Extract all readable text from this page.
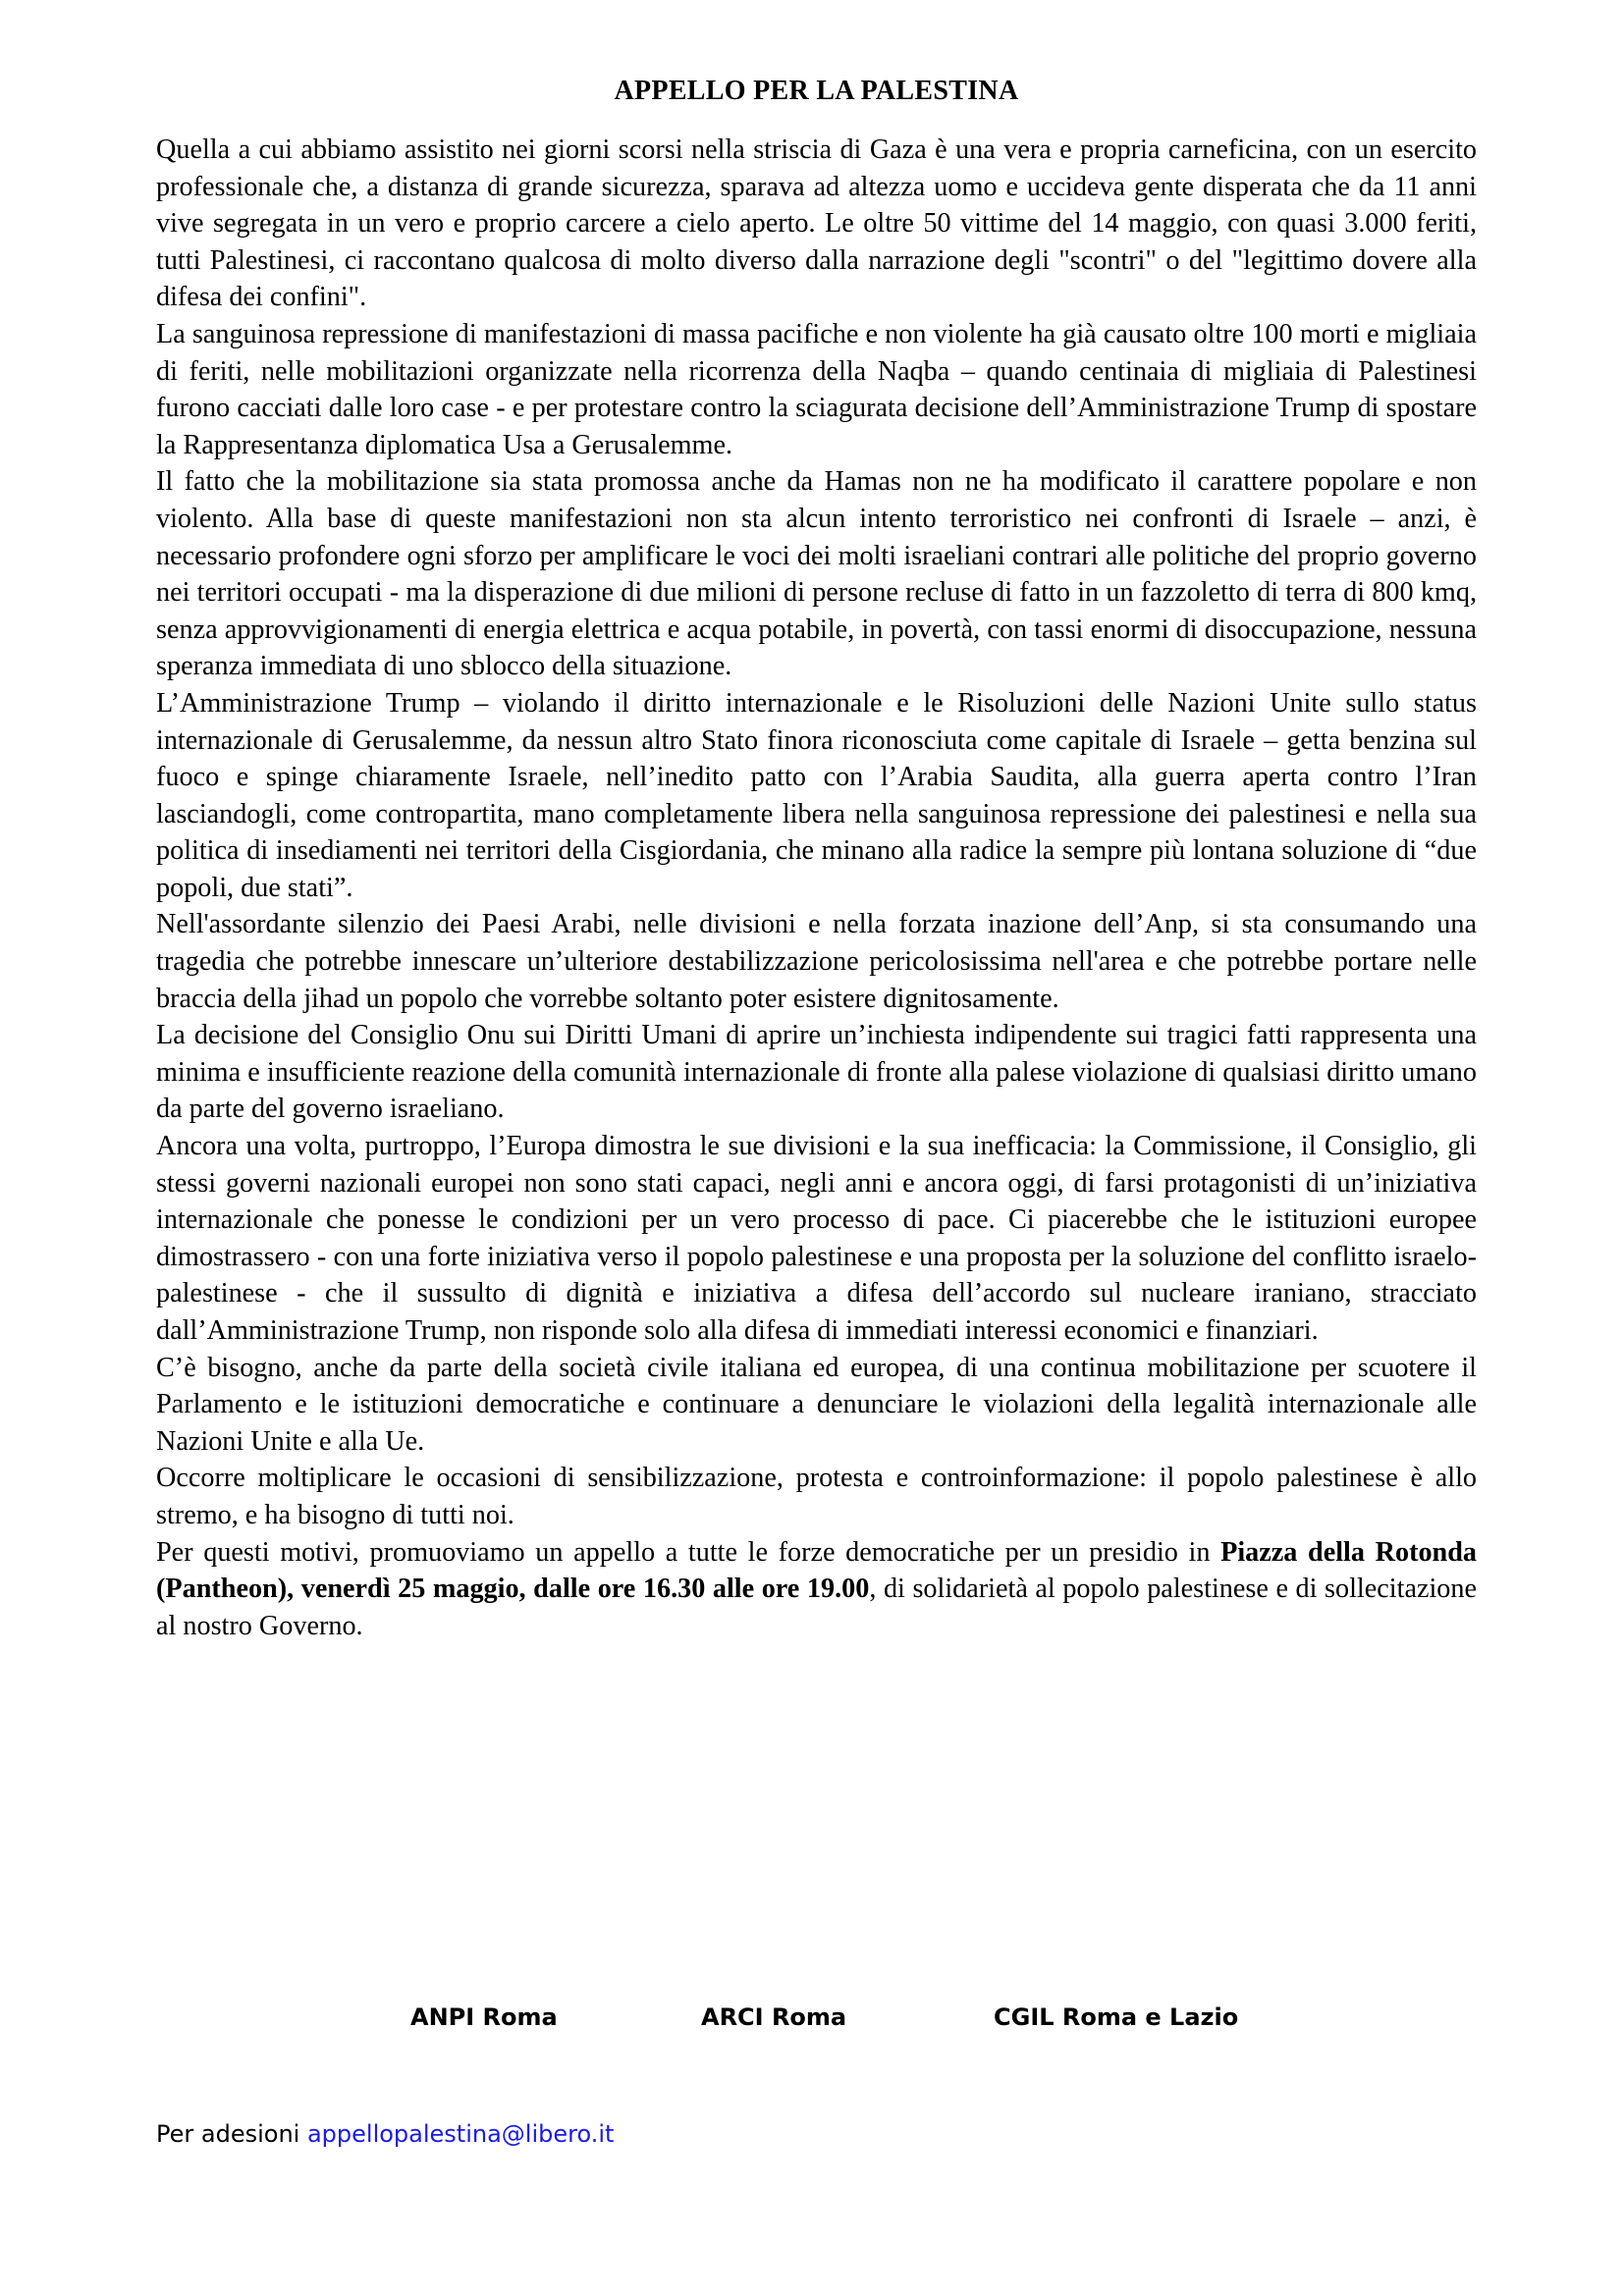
APPELLO PER LA PALESTINA

Quella a cui abbiamo assistito nei giorni scorsi nella striscia di Gaza è una vera e propria carneficina, con un esercito professionale che, a distanza di grande sicurezza, sparava ad altezza uomo e uccideva gente disperata che da 11 anni vive segregata in un vero e proprio carcere a cielo aperto. Le oltre 50 vittime del 14 maggio, con quasi 3.000 feriti, tutti Palestinesi, ci raccontano qualcosa di molto diverso dalla narrazione degli "scontri" o del "legittimo dovere alla difesa dei confini".

La sanguinosa repressione di manifestazioni di massa pacifiche e non violente ha già causato oltre 100 morti e migliaia di feriti, nelle mobilitazioni organizzate nella ricorrenza della Naqba – quando centinaia di migliaia di Palestinesi furono cacciati dalle loro case - e per protestare contro la sciagurata decisione dell’Amministrazione Trump di spostare la Rappresentanza diplomatica Usa a Gerusalemme.

Il fatto che la mobilitazione sia stata promossa anche da Hamas non ne ha modificato il carattere popolare e non violento. Alla base di queste manifestazioni non sta alcun intento terroristico nei confronti di Israele – anzi, è necessario profondere ogni sforzo per amplificare le voci dei molti israeliani contrari alle politiche del proprio governo nei territori occupati - ma la disperazione di due milioni di persone recluse di fatto in un fazzoletto di terra di 800 kmq, senza approvvigionamenti di energia elettrica e acqua potabile, in povertà, con tassi enormi di disoccupazione, nessuna speranza immediata di uno sblocco della situazione.

L’Amministrazione Trump – violando il diritto internazionale e le Risoluzioni delle Nazioni Unite sullo status internazionale di Gerusalemme, da nessun altro Stato finora riconosciuta come capitale di Israele – getta benzina sul fuoco e spinge chiaramente Israele, nell’inedito patto con l’Arabia Saudita, alla guerra aperta contro l’Iran lasciandogli, come contropartita, mano completamente libera nella sanguinosa repressione dei palestinesi e nella sua politica di insediamenti nei territori della Cisgiordania, che minano alla radice la sempre più lontana soluzione di “due popoli, due stati”.

Nell'assordante silenzio dei Paesi Arabi, nelle divisioni e nella forzata inazione dell’Anp, si sta consumando una tragedia che potrebbe innescare un’ulteriore destabilizzazione pericolosissima nell'area e che potrebbe portare nelle braccia della jihad un popolo che vorrebbe soltanto poter esistere dignitosamente.

La decisione del Consiglio Onu sui Diritti Umani di aprire un’inchiesta indipendente sui tragici fatti rappresenta una minima e insufficiente reazione della comunità internazionale di fronte alla palese violazione di qualsiasi diritto umano da parte del governo israeliano.

Ancora una volta, purtroppo, l’Europa dimostra le sue divisioni e la sua inefficacia: la Commissione, il Consiglio, gli stessi governi nazionali europei non sono stati capaci, negli anni e ancora oggi, di farsi protagonisti di un’iniziativa internazionale che ponesse le condizioni per un vero processo di pace. Ci piacerebbe che le istituzioni europee dimostrassero - con una forte iniziativa verso il popolo palestinese e una proposta per la soluzione del conflitto israelo-palestinese - che il sussulto di dignità e iniziativa a difesa dell’accordo sul nucleare iraniano, stracciato dall’Amministrazione Trump, non risponde solo alla difesa di immediati interessi economici e finanziari.

C’è bisogno, anche da parte della società civile italiana ed europea, di una continua mobilitazione per scuotere il Parlamento e le istituzioni democratiche e continuare a denunciare le violazioni della legalità internazionale alle Nazioni Unite e alla Ue.

Occorre moltiplicare le occasioni di sensibilizzazione, protesta e controinformazione: il popolo palestinese è allo stremo, e ha bisogno di tutti noi.

Per questi motivi, promuoviamo un appello a tutte le forze democratiche per un presidio in Piazza della Rotonda (Pantheon), venerdì 25 maggio, dalle ore 16.30 alle ore 19.00, di solidarietà al popolo palestinese e di sollecitazione al nostro Governo.

ANPI Roma	ARCI Roma	CGIL Roma e Lazio
Per adesioni appellopalestina@libero.it
